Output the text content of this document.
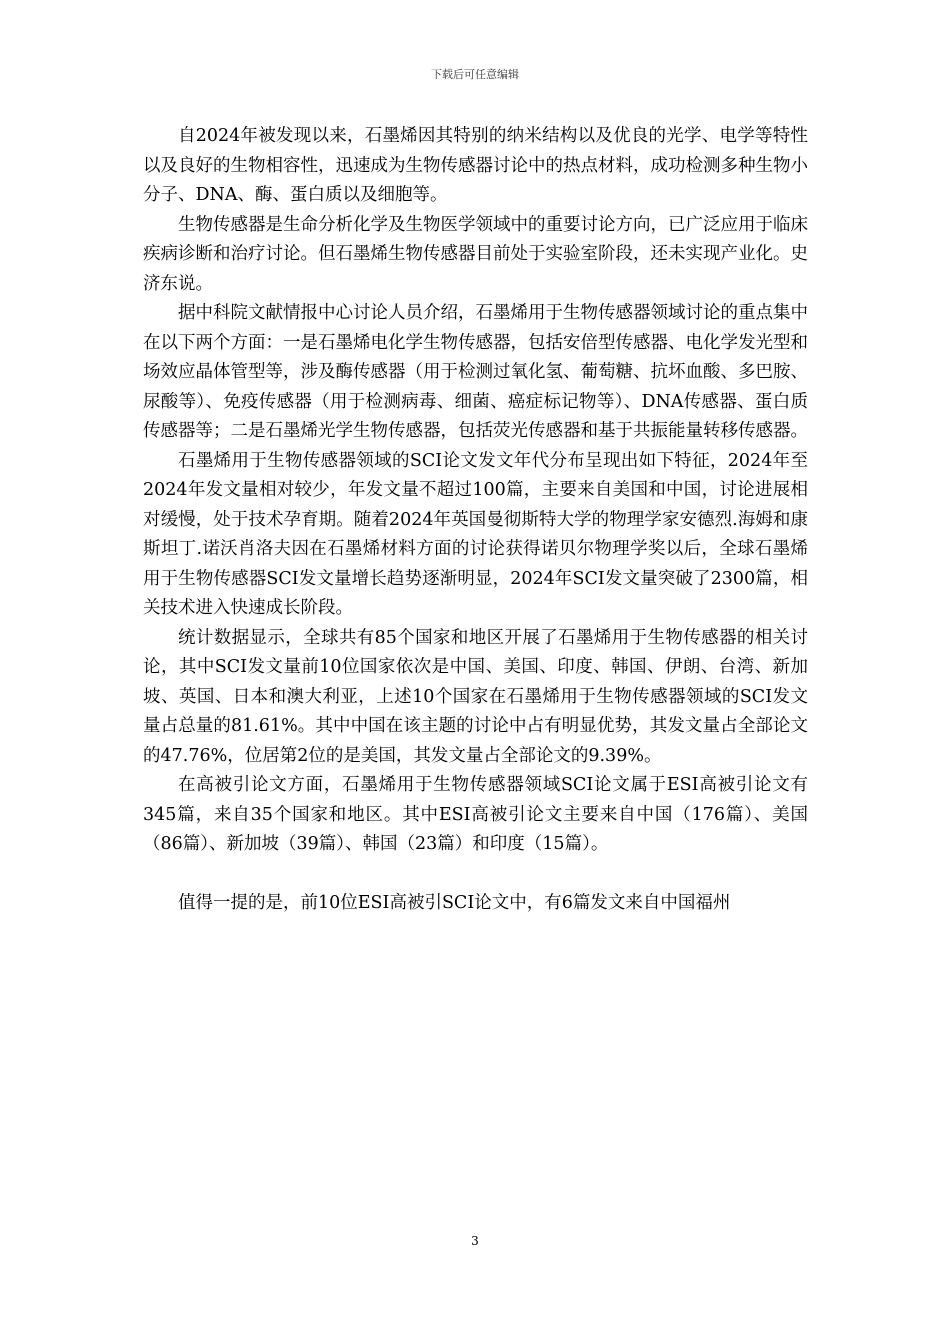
下载后可任意编辑

自2024年被发现以来，石墨烯因其特别的纳米结构以及优良的光学、电学等特性以及良好的生物相容性，迅速成为生物传感器讨论中的热点材料，成功检测多种生物小分子、DNA、酶、蛋白质以及细胞等。

生物传感器是生命分析化学及生物医学领域中的重要讨论方向，已广泛应用于临床疾病诊断和治疗讨论。但石墨烯生物传感器目前处于实验室阶段，还未实现产业化。史济东说。

据中科院文献情报中心讨论人员介绍，石墨烯用于生物传感器领域讨论的重点集中在以下两个方面：一是石墨烯电化学生物传感器，包括安倍型传感器、电化学发光型和场效应晶体管型等，涉及酶传感器（用于检测过氧化氢、葡萄糖、抗坏血酸、多巴胺、尿酸等）、免疫传感器（用于检测病毒、细菌、癌症标记物等）、DNA传感器、蛋白质传感器等；二是石墨烯光学生物传感器，包括荧光传感器和基于共振能量转移传感器。

石墨烯用于生物传感器领域的SCI论文发文年代分布呈现出如下特征，2024年至2024年发文量相对较少，年发文量不超过100篇，主要来自美国和中国，讨论进展相对缓慢，处于技术孕育期。随着2024年英国曼彻斯特大学的物理学家安德烈.海姆和康斯坦丁.诺沃肖洛夫因在石墨烯材料方面的讨论获得诺贝尔物理学奖以后，全球石墨烯用于生物传感器SCI发文量增长趋势逐渐明显，2024年SCI发文量突破了2300篇，相关技术进入快速成长阶段。

统计数据显示，全球共有85个国家和地区开展了石墨烯用于生物传感器的相关讨论，其中SCI发文量前10位国家依次是中国、美国、印度、韩国、伊朗、台湾、新加坡、英国、日本和澳大利亚，上述10个国家在石墨烯用于生物传感器领域的SCI发文量占总量的81.61%。其中中国在该主题的讨论中占有明显优势，其发文量占全部论文的47.76%，位居第2位的是美国，其发文量占全部论文的9.39%。

在高被引论文方面，石墨烯用于生物传感器领域SCI论文属于ESI高被引论文有345篇，来自35个国家和地区。其中ESI高被引论文主要来自中国（176篇）、美国（86篇）、新加坡（39篇）、韩国（23篇）和印度（15篇）。

值得一提的是，前10位ESI高被引SCI论文中，有6篇发文来自中国福州

3
